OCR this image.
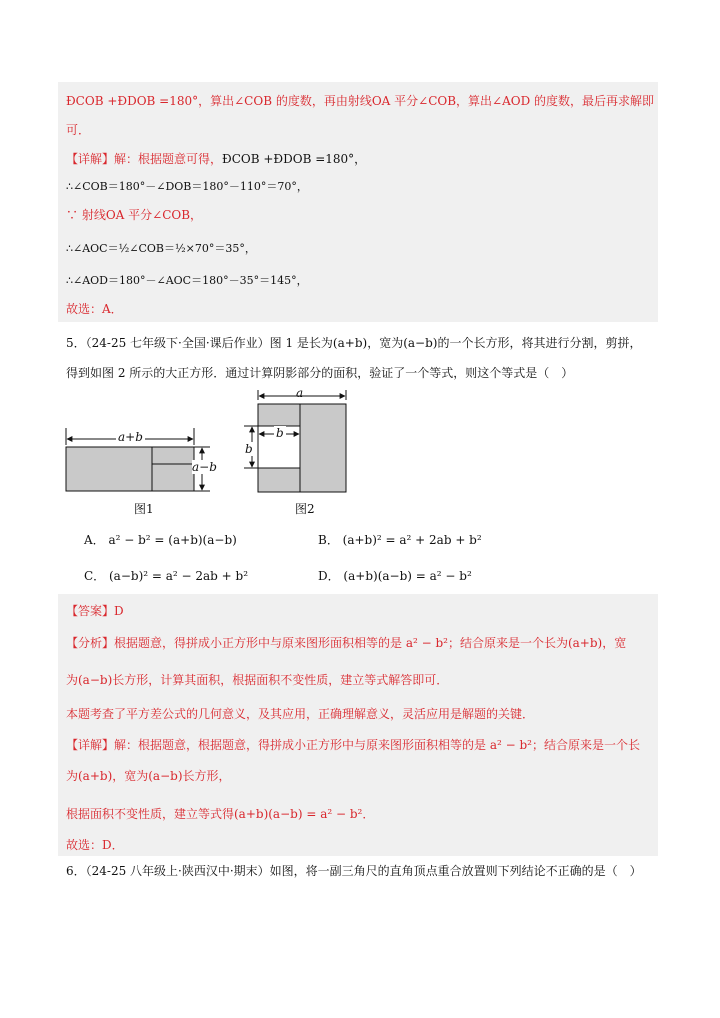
ÐCOB +ÐDOB =180°，算出∠COB 的度数，再由射线OA 平分∠COB，算出∠AOD 的度数，最后再求解即
可．
【详解】解：根据题意可得，ÐCOB +ÐDOB =180°，
∴∠COB＝180°－∠DOB＝180°－110°＝70°，
∵ 射线OA 平分∠COB，
∴∠AOC＝½∠COB＝½×70°＝35°，
∴∠AOD＝180°－∠AOC＝180°－35°＝145°，
故选：A．
5．（24-25 七年级下·全国·课后作业）图 1 是长为(a+b)，宽为(a−b)的一个长方形，将其进行分割，剪拼，
得到如图 2 所示的大正方形．通过计算阴影部分的面积，验证了一个等式，则这个等式是（　）
a+b
a−b
图1
a
b
b
图2
A． a² − b² = (a+b)(a−b)	B． (a+b)² = a² + 2ab + b²
C． (a−b)² = a² − 2ab + b²	D． (a+b)(a−b) = a² − b²
【答案】D
【分析】根据题意，得拼成小正方形中与原来图形面积相等的是 a² − b²；结合原来是一个长为(a+b)，宽
为(a−b)长方形，计算其面积，根据面积不变性质，建立等式解答即可．
本题考查了平方差公式的几何意义，及其应用，正确理解意义，灵活应用是解题的关键．
【详解】解：根据题意，根据题意，得拼成小正方形中与原来图形面积相等的是 a² − b²；结合原来是一个长
为(a+b)，宽为(a−b)长方形，
根据面积不变性质，建立等式得(a+b)(a−b) = a² − b²．
故选：D．
6．（24-25 八年级上·陕西汉中·期末）如图，将一副三角尺的直角顶点重合放置则下列结论不正确的是（　）
